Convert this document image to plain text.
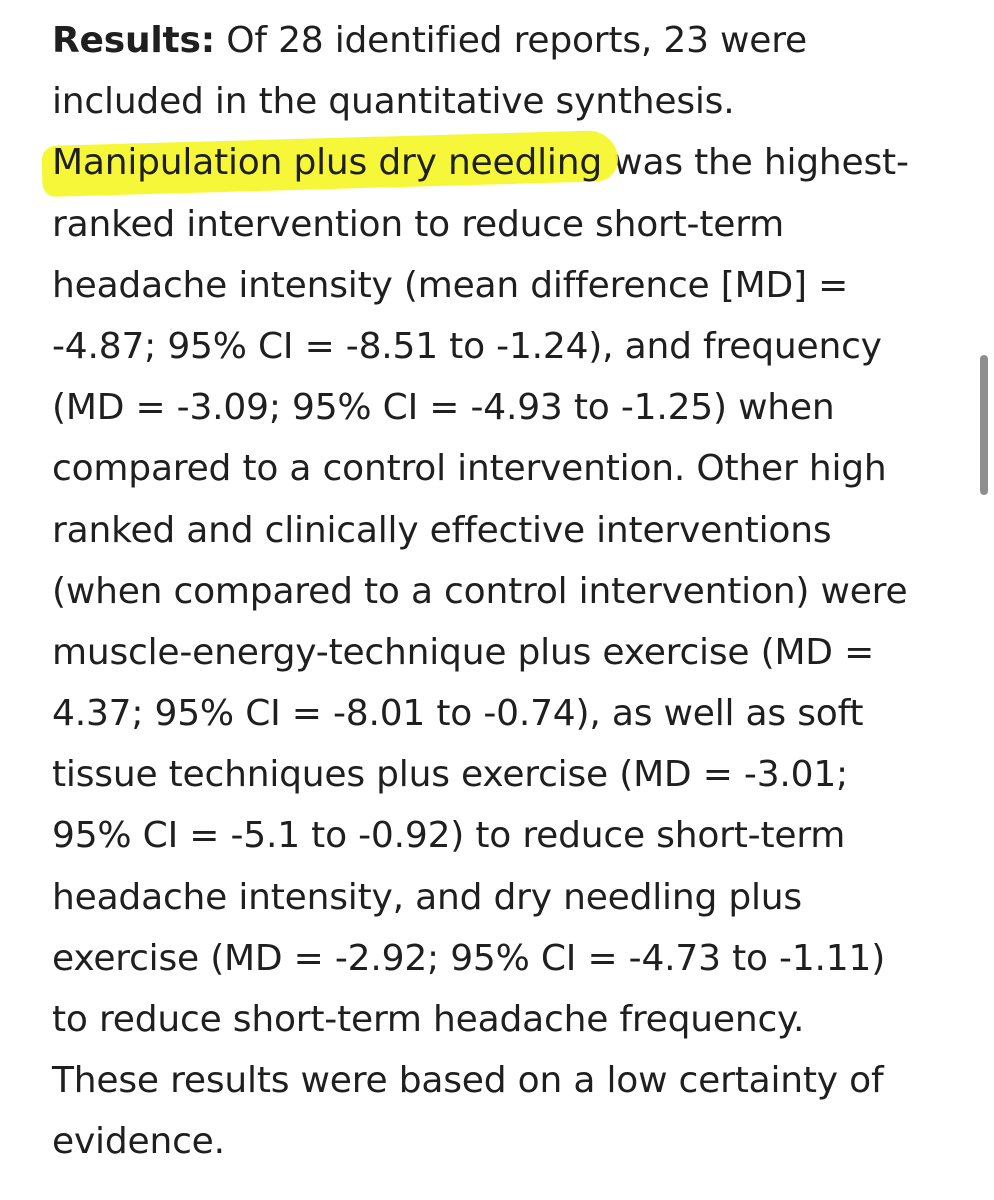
Results: Of 28 identified reports, 23 were
included in the quantitative synthesis.
Manipulation plus dry needling was the highest-
ranked intervention to reduce short-term
headache intensity (mean difference [MD] =
-4.87; 95% CI = -8.51 to -1.24), and frequency
(MD = -3.09; 95% CI = -4.93 to -1.25) when
compared to a control intervention. Other high
ranked and clinically effective interventions
(when compared to a control intervention) were
muscle-energy-technique plus exercise (MD =
4.37; 95% CI = -8.01 to -0.74), as well as soft
tissue techniques plus exercise (MD = -3.01;
95% CI = -5.1 to -0.92) to reduce short-term
headache intensity, and dry needling plus
exercise (MD = -2.92; 95% CI = -4.73 to -1.11)
to reduce short-term headache frequency.
These results were based on a low certainty of
evidence.
